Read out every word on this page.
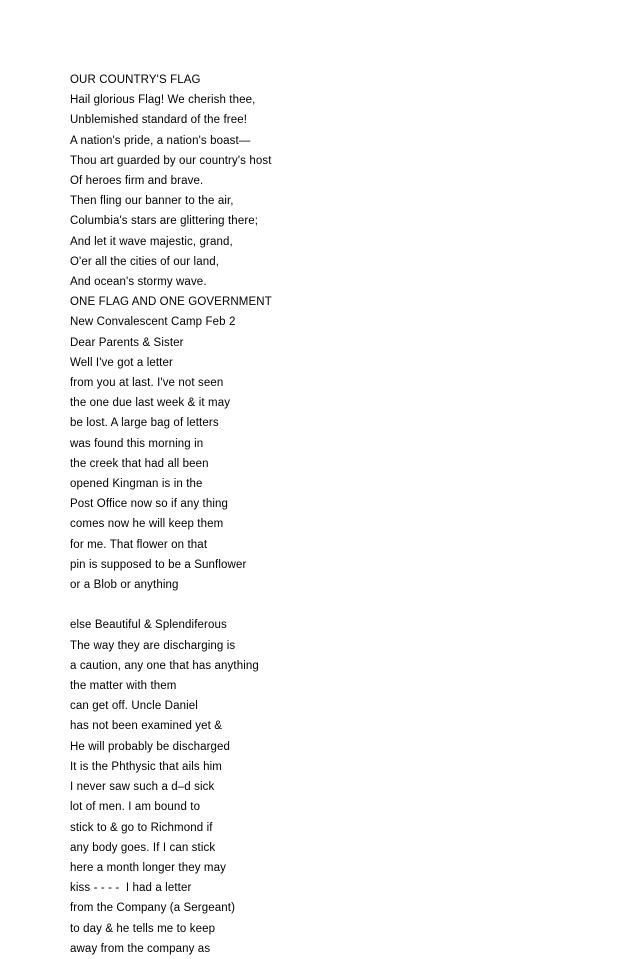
OUR COUNTRY'S FLAG
Hail glorious Flag! We cherish thee,
Unblemished standard of the free!
A nation's pride, a nation's boast—
Thou art guarded by our country's host
Of heroes firm and brave.
Then fling our banner to the air,
Columbia's stars are glittering there;
And let it wave majestic, grand,
O'er all the cities of our land,
And ocean's stormy wave.
ONE FLAG AND ONE GOVERNMENT
New Convalescent Camp Feb 2
Dear Parents & Sister
Well I've got a letter
from you at last. I've not seen
the one due last week & it may
be lost. A large bag of letters
was found this morning in
the creek that had all been
opened Kingman is in the
Post Office now so if any thing
comes now he will keep them
for me. That flower on that
pin is supposed to be a Sunflower
or a Blob or anything
else Beautiful & Splendiferous
The way they are discharging is
a caution, any one that has anything
the matter with them
can get off. Uncle Daniel
has not been examined yet &
He will probably be discharged
It is the Phthysic that ails him
I never saw such a d–d sick
lot of men. I am bound to
stick to & go to Richmond if
any body goes. If I can stick
here a month longer they may
kiss - - - -  I had a letter
from the Company (a Sergeant)
to day & he tells me to keep
away from the company as
